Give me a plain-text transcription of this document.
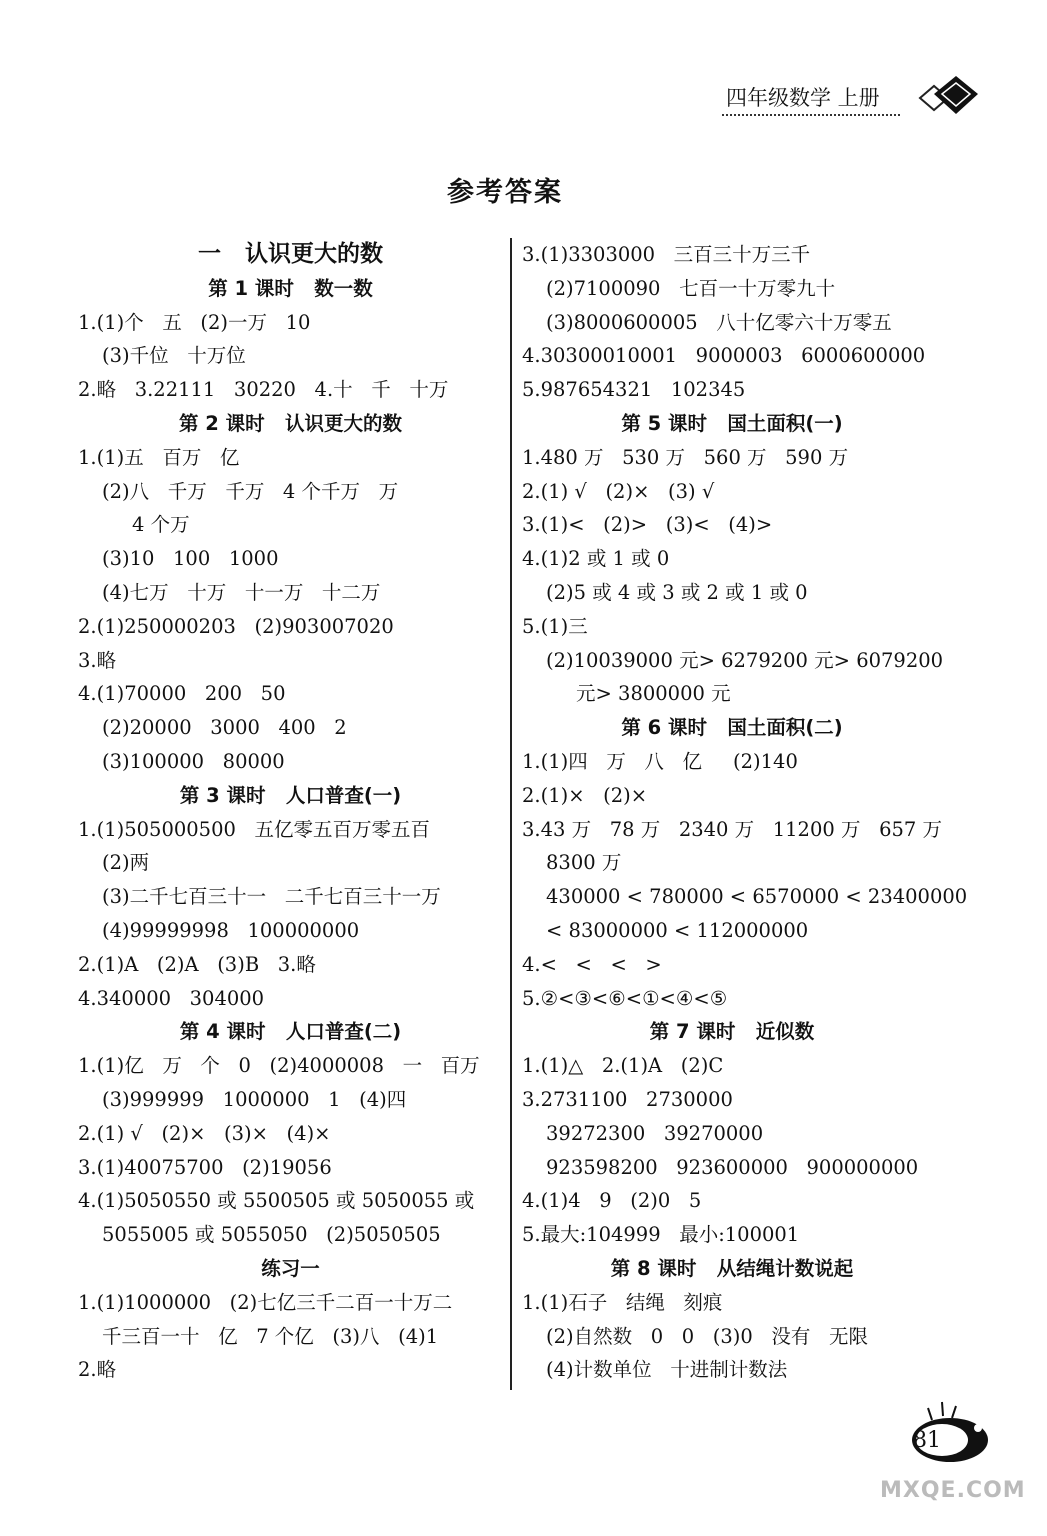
四年级数学 上册
参考答案
一   认识更大的数
第 1 课时   数一数
1.(1)个   五   (2)一万   10
(3)千位   十万位
2.略   3.22111   30220   4.十   千   十万
第 2 课时   认识更大的数
1.(1)五   百万   亿
(2)八   千万   千万   4 个千万   万
4 个万
(3)10   100   1000
(4)七万   十万   十一万   十二万
2.(1)250000203   (2)903007020
3.略
4.(1)70000   200   50
(2)20000   3000   400   2
(3)100000   80000
第 3 课时   人口普查(一)
1.(1)505000500   五亿零五百万零五百
(2)两
(3)二千七百三十一   二千七百三十一万
(4)99999998   100000000
2.(1)A   (2)A   (3)B   3.略
4.340000   304000
第 4 课时   人口普查(二)
1.(1)亿   万   个   0   (2)4000008   一   百万
(3)999999   1000000   1   (4)四
2.(1) √   (2)×   (3)×   (4)×
3.(1)40075700   (2)19056
4.(1)5050550 或 5500505 或 5050055 或
5055005 或 5055050   (2)5050505
练习一
1.(1)1000000   (2)七亿三千二百一十万二
千三百一十   亿   7 个亿   (3)八   (4)1
2.略
3.(1)3303000   三百三十万三千
(2)7100090   七百一十万零九十
(3)8000600005   八十亿零六十万零五
4.30300010001   9000003   6000600000
5.987654321   102345
第 5 课时   国土面积(一)
1.480 万   530 万   560 万   590 万
2.(1) √   (2)×   (3) √
3.(1)<   (2)>   (3)<   (4)>
4.(1)2 或 1 或 0
(2)5 或 4 或 3 或 2 或 1 或 0
5.(1)三
(2)10039000 元> 6279200 元> 6079200
元> 3800000 元
第 6 课时   国土面积(二)
1.(1)四   万   八   亿     (2)140
2.(1)×   (2)×
3.43 万   78 万   2340 万   11200 万   657 万
8300 万
430000 < 780000 < 6570000 < 23400000
< 83000000 < 112000000
4.<   <   <   >
5.②<③<⑥<①<④<⑤
第 7 课时   近似数
1.(1)△   2.(1)A   (2)C
3.2731100   2730000
39272300   39270000
923598200   923600000   900000000
4.(1)4   9   (2)0   5
5.最大:104999   最小:100001
第 8 课时   从结绳计数说起
1.(1)石子   结绳   刻痕
(2)自然数   0   0   (3)0   没有   无限
(4)计数单位   十进制计数法
81
MXQE.COM
